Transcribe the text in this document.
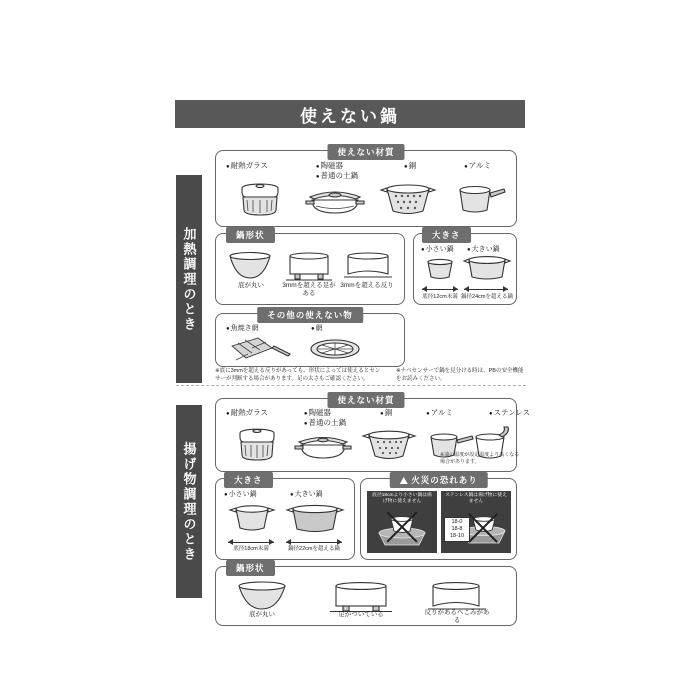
使えない鍋
加熱調理のとき
揚げ物調理のとき
使えない材質
● 耐熱ガラス	● 陶磁器
● 普通の土鍋
● 銅	● アルミ
鍋形状
底が丸い	3mmを超える足がある
3mmを超える反り
大きさ
● 小さい鍋	● 大きい鍋
底径12cm未満 鍋径24cmを超える鍋
その他の使えない物
● 魚焼き網	● 網
※底に3mmを超える反りがあっても、形状によっては使えるとセンサーが判断する場合があります。足の太さもご確認ください。
※ナベセンサーで鍋を見分ける時は、PBの安全機能をお読みください。
使えない材質
● 耐熱ガラス	● 陶磁器
● 普通の土鍋
● 銅	● アルミ	● ステンレス
※油の温度が設定温度より高くなる場合があります。
大きさ
● 小さい鍋	● 大きい鍋
底径18cm未満	鍋径22cmを超える鍋
火災の恐れあり
底径18cmより小さい鍋は揚げ物に使えません
ステンレス鍋は揚げ物に使えません
18-0
18-8
18-10
鍋形状
底が丸い	足がついている	反りがあるへこみがある
